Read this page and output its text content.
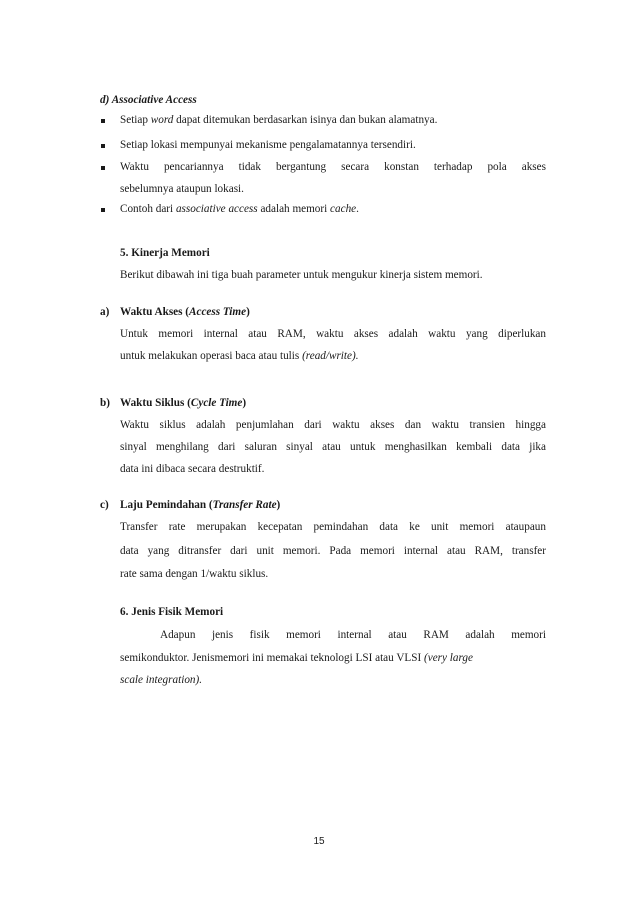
d) Associative Access
Setiap word dapat ditemukan berdasarkan isinya dan bukan alamatnya.
Setiap lokasi mempunyai mekanisme pengalamatannya tersendiri.
Waktu pencariannya tidak bergantung secara konstan terhadap pola akses
sebelumnya ataupun lokasi.
Contoh dari associative access adalah memori cache.
5. Kinerja Memori
Berikut dibawah ini tiga buah parameter untuk mengukur kinerja sistem memori.
a) Waktu Akses (Access Time)
Untuk memori internal atau RAM, waktu akses adalah waktu yang diperlukan
untuk melakukan operasi baca atau tulis (read/write).
b) Waktu Siklus (Cycle Time)
Waktu siklus adalah penjumlahan dari waktu akses dan waktu transien hingga
sinyal menghilang dari saluran sinyal atau untuk menghasilkan kembali data jika
data ini dibaca secara destruktif.
c) Laju Pemindahan (Transfer Rate)
Transfer rate merupakan kecepatan pemindahan data ke unit memori ataupaun
data yang ditransfer dari unit memori. Pada memori internal atau RAM, transfer
rate sama dengan 1/waktu siklus.
6. Jenis Fisik Memori
Adapun jenis fisik memori internal atau RAM adalah memori
semikonduktor. Jenismemori ini memakai teknologi LSI atau VLSI (very large
scale integration).
15
